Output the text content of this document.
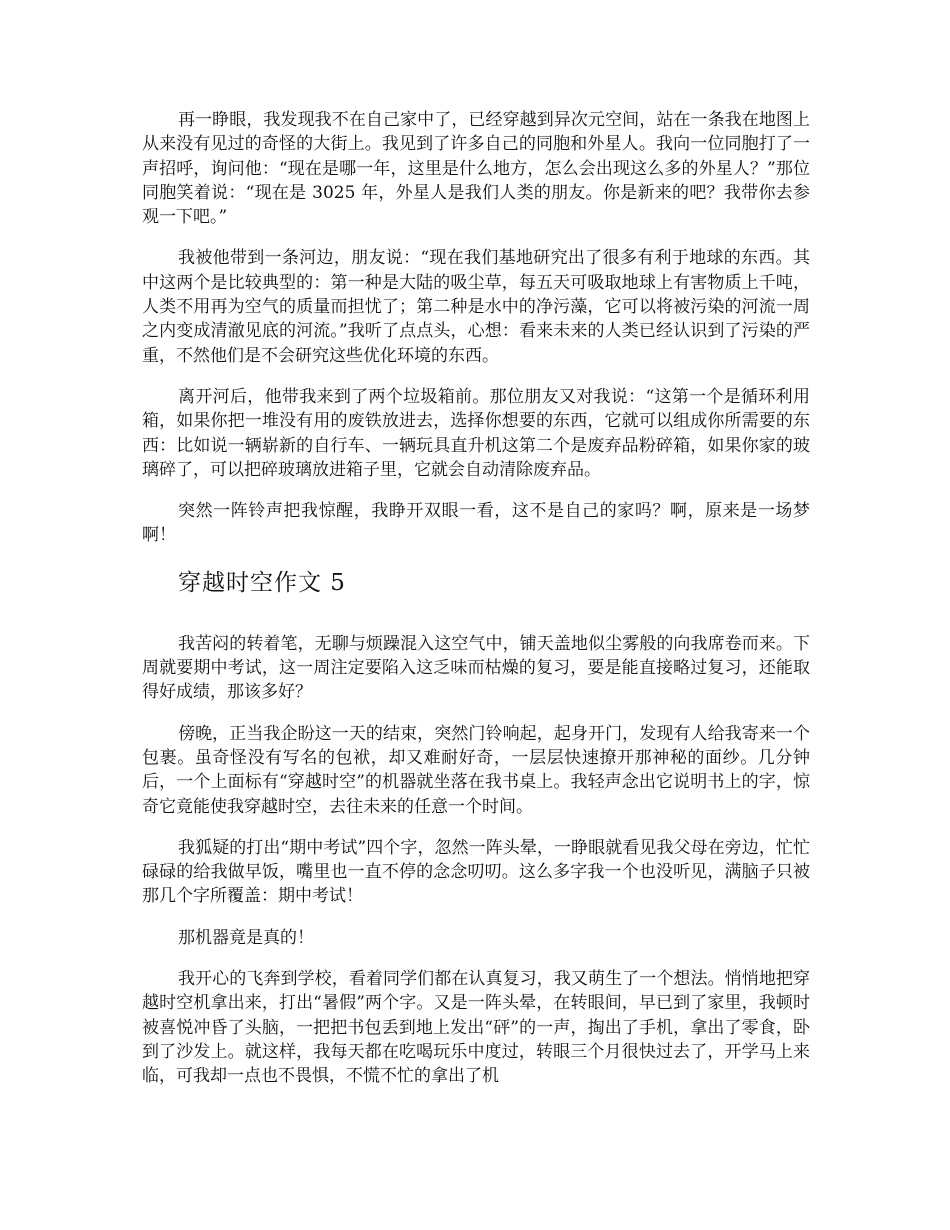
再一睁眼，我发现我不在自己家中了，已经穿越到异次元空间，站在一条我在地图上从来没有见过的奇怪的大街上。我见到了许多自己的同胞和外星人。我向一位同胞打了一声招呼，询问他：“现在是哪一年，这里是什么地方，怎么会出现这么多的外星人？”那位同胞笑着说：“现在是 3025 年，外星人是我们人类的朋友。你是新来的吧？我带你去参观一下吧。”

我被他带到一条河边，朋友说：“现在我们基地研究出了很多有利于地球的东西。其中这两个是比较典型的：第一种是大陆的吸尘草，每五天可吸取地球上有害物质上千吨，人类不用再为空气的质量而担忧了；第二种是水中的净污藻，它可以将被污染的河流一周之内变成清澈见底的河流。”我听了点点头，心想：看来未来的人类已经认识到了污染的严重，不然他们是不会研究这些优化环境的东西。

离开河后，他带我来到了两个垃圾箱前。那位朋友又对我说：“这第一个是循环利用箱，如果你把一堆没有用的废铁放进去，选择你想要的东西，它就可以组成你所需要的东西：比如说一辆崭新的自行车、一辆玩具直升机这第二个是废弃品粉碎箱，如果你家的玻璃碎了，可以把碎玻璃放进箱子里，它就会自动清除废弃品。

突然一阵铃声把我惊醒，我睁开双眼一看，这不是自己的家吗？啊，原来是一场梦啊！

穿越时空作文 5

我苦闷的转着笔，无聊与烦躁混入这空气中，铺天盖地似尘雾般的向我席卷而来。下周就要期中考试，这一周注定要陷入这乏味而枯燥的复习，要是能直接略过复习，还能取得好成绩，那该多好？

傍晚，正当我企盼这一天的结束，突然门铃响起，起身开门，发现有人给我寄来一个包裹。虽奇怪没有写名的包袱，却又难耐好奇，一层层快速撩开那神秘的面纱。几分钟后，一个上面标有“穿越时空”的机器就坐落在我书桌上。我轻声念出它说明书上的字，惊奇它竟能使我穿越时空，去往未来的任意一个时间。

我狐疑的打出“期中考试”四个字，忽然一阵头晕，一睁眼就看见我父母在旁边，忙忙碌碌的给我做早饭，嘴里也一直不停的念念叨叨。这么多字我一个也没听见，满脑子只被那几个字所覆盖：期中考试！

那机器竟是真的！

我开心的飞奔到学校，看着同学们都在认真复习，我又萌生了一个想法。悄悄地把穿越时空机拿出来，打出“暑假”两个字。又是一阵头晕，在转眼间，早已到了家里，我顿时被喜悦冲昏了头脑，一把把书包丢到地上发出“砰”的一声，掏出了手机，拿出了零食，卧到了沙发上。就这样，我每天都在吃喝玩乐中度过，转眼三个月很快过去了，开学马上来临，可我却一点也不畏惧，不慌不忙的拿出了机
